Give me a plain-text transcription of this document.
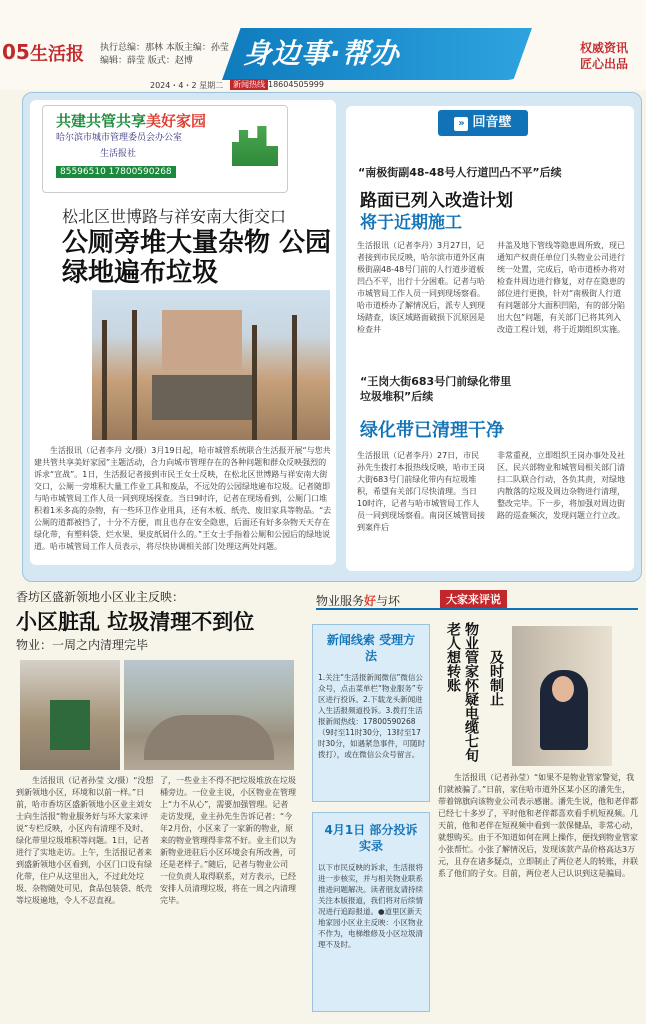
05 生活报 执行总编：那林 本版主编：孙莹
编辑：薛莹 版式：赵博	身边事·帮办	权威资讯
匠心出品
2024・4・2 星期二	新闻热线 18604505999
共建共管共享美好家园
哈尔滨市城市管理委员会办公室
生活报社
85596510 17800590268
松北区世博路与祥安南大街交口
公厕旁堆大量杂物 公园绿地遍布垃圾
生活报讯（记者李丹 文/摄）3月19日起，哈市城管系统联合生活报开展“与您共建共管共享美好家园”主题活动，合力向城市管理存在的各种问题和群众反映强烈的诉求“宣战”。1日，生活报记者接到市民王女士反映，在松北区世博路与祥安南大街交口，公厕一旁堆积大量工作业工具和废品，不远处的公园绿地遍布垃圾。记者随即与哈市城管局工作人员一同到现场探查。当日9时许，记者在现场看到，公厕门口堆积着1米多高的杂物，有一些环卫作业用具，还有木板、纸壳、废旧家具等物品。“去公厕的道都被挡了，十分不方便，而且也存在安全隐患，后面还有好多杂物天天存在绿化带，有塑料袋、烂水果、果皮纸屑什么的。”王女士手指着公厕和公园后的绿地说道。哈市城管局工作人员表示，将尽快协调相关部门处理这两处问题。
» 回音壁
“南极街副48-48号人行道凹凸不平”后续
路面已列入改造计划
将于近期施工
生活报讯（记者李丹）3月27日，记者接到市民反映，哈尔滨市道外区南极街副48-48号门前的人行道步道板凹凸不平，出行十分困难。记者与哈市城管局工作人员一同到现场察看。哈市道桥办了解情况后，派专人到现场踏查，该区域路面破损下沉原因是检查井
井盖及地下管线等隐患周所致，现已通知产权责任单位门头物业公司进行统一处置，完成后，哈市道桥办将对检查井周边进行修复，对存在隐患的部位进行更换，针对“南极街人行道有问题部分大面积凹陷，有的部分陷出大包”问题，有关部门已将其列入改造工程计划，将于近期组织实施。
“王岗大街683号门前绿化带里
垃圾堆积”后续
绿化带已清理干净
生活报讯（记者李丹）27日，市民孙先生拨打本报热线反映，哈市王岗大街683号门前绿化带内有垃圾堆积，希望有关部门尽快清理。当日10时许，记者与哈市城管局工作人员一同到现场察看。南岗区城管局接到案件后
非常重视，立即组织王岗办事处及社区、民兴部物业和城管局相关部门清扫二队联合行动，各负其责，对绿地内散落的垃圾及周边杂物进行清理，整改完毕。下一步，将加强对周边街路的巡查频次，发现问题立行立改。
香坊区盛新领地小区业主反映：
小区脏乱 垃圾清理不到位
物业：一周之内清理完毕
生活报讯（记者孙莹 文/摄）“没想到新领地小区，环境和以前一样。”日前，哈市香坊区盛新领地小区业主刘女士向生活报“物业服务好与坏大家来评说”专栏反映，小区内有清理不及时、绿化带里垃圾堆积等问题。1日，记者进行了实地走访。上午，生活报记者来到盛新领地小区看到，小区门口设有绿化带，住户从这里出入，不过此处垃圾、杂物随处可见，食品包装袋、纸壳等垃圾遍地，令人不忍直视。
了，一些业主不得不把垃圾堆放在垃圾桶旁边。一位业主说，小区物业在管理上“力不从心”，需要加强管理。记者走访发现，业主孙先生告诉记者：“今年2月份，小区来了一家新的物业，原来的物业管理得非常不好。业主们以为新物业进驻后小区环境会有所改善，可还是老样子。”随后，记者与物业公司一位负责人取得联系，对方表示，已经安排人员清理垃圾，将在一周之内清理完毕。
物业服务好与坏	大家来评说
新闻线索 受理方法
1.关注“生活报新闻微信”微信公众号，点击菜单栏“物业服务”专区进行投诉。2.下载龙头新闻进入生活报频道投诉。3.拨打生活报新闻热线：17800590268（9时至11时30分，13时至17时30分，如遇紧急事件，可随时拨打），或在微信公众号留言。
4月1日 部分投诉实录
以下市民反映的诉求，生活报将进一步核实，并与相关物业联系推进问题解决。读者朋友请持续关注本版报道，我们将对后续情况进行追踪报道。●道里区新天地家园小区业主反映：小区物业不作为，电梯维修及小区垃圾清理不及时。
物业管家怀疑电缆七旬老人想转账	及时制止
生活报讯（记者孙莹）“如果不是物业管家警觉，我们就被骗了。”日前，家住哈市道外区某小区的潘先生，带着锦旗向该物业公司表示感谢。潘先生说，他和老伴都已经七十多岁了，平时他和老伴都喜欢看手机短视频。几天前，他和老伴在短视频中看到一款保健品，非常心动，就想购买。由于不知道如何在网上操作，便找到物业管家小张帮忙。小张了解情况后，发现该款产品价格高达3万元，且存在诸多疑点，立即制止了两位老人的转账，并联系了他们的子女。目前，两位老人已认识到这是骗局。
